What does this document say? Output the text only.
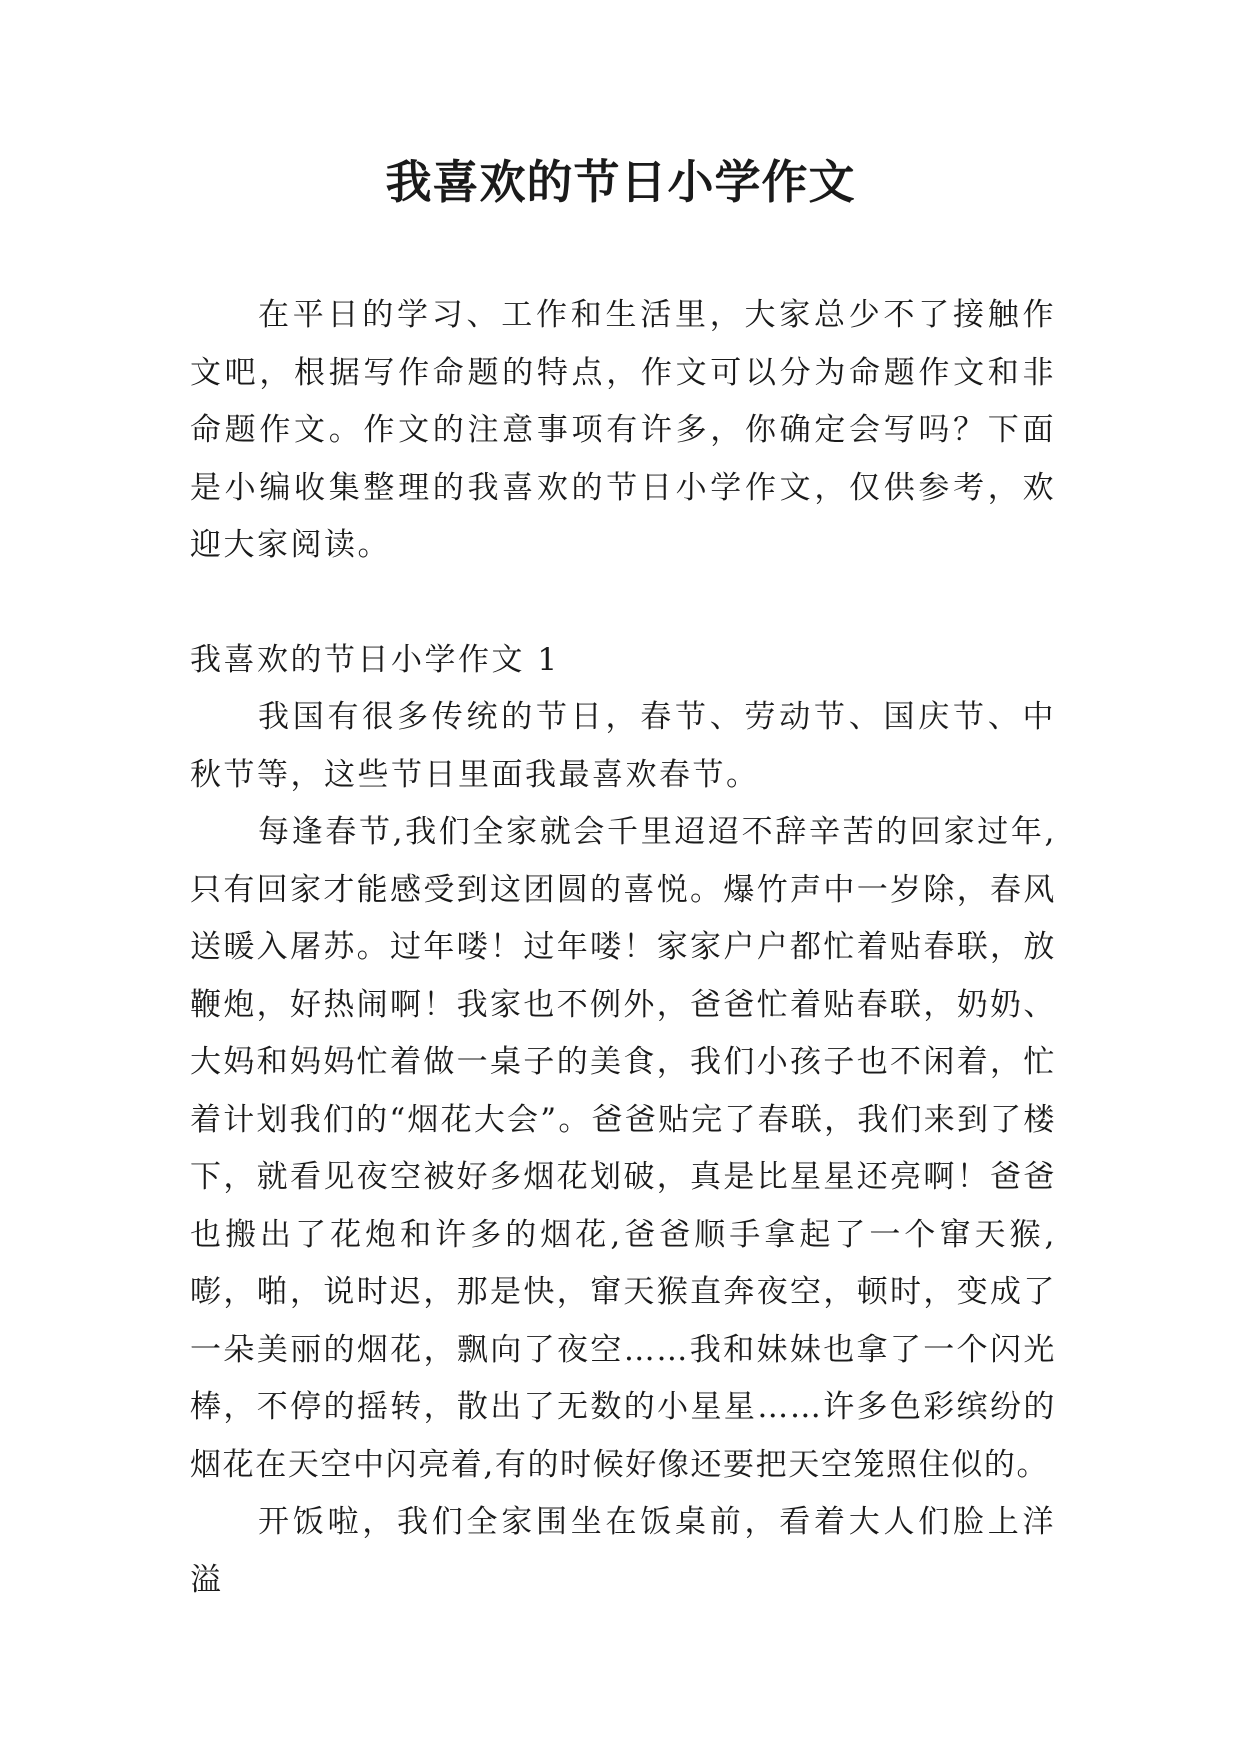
我喜欢的节日小学作文

在平日的学习、工作和生活里，大家总少不了接触作文吧，根据写作命题的特点，作文可以分为命题作文和非命题作文。作文的注意事项有许多，你确定会写吗？下面是小编收集整理的我喜欢的节日小学作文，仅供参考，欢迎大家阅读。

我喜欢的节日小学作文 1

我国有很多传统的节日，春节、劳动节、国庆节、中秋节等，这些节日里面我最喜欢春节。

每逢春节,我们全家就会千里迢迢不辞辛苦的回家过年,只有回家才能感受到这团圆的喜悦。爆竹声中一岁除，春风送暖入屠苏。过年喽！过年喽！家家户户都忙着贴春联，放鞭炮，好热闹啊！我家也不例外，爸爸忙着贴春联，奶奶、大妈和妈妈忙着做一桌子的美食，我们小孩子也不闲着，忙着计划我们的“烟花大会”。爸爸贴完了春联，我们来到了楼下，就看见夜空被好多烟花划破，真是比星星还亮啊！爸爸也搬出了花炮和许多的烟花,爸爸顺手拿起了一个窜天猴,嘭，啪，说时迟，那是快，窜天猴直奔夜空，顿时，变成了一朵美丽的烟花，飘向了夜空……我和妹妹也拿了一个闪光棒，不停的摇转，散出了无数的小星星……许多色彩缤纷的烟花在天空中闪亮着,有的时候好像还要把天空笼照住似的。

开饭啦，我们全家围坐在饭桌前，看着大人们脸上洋溢
